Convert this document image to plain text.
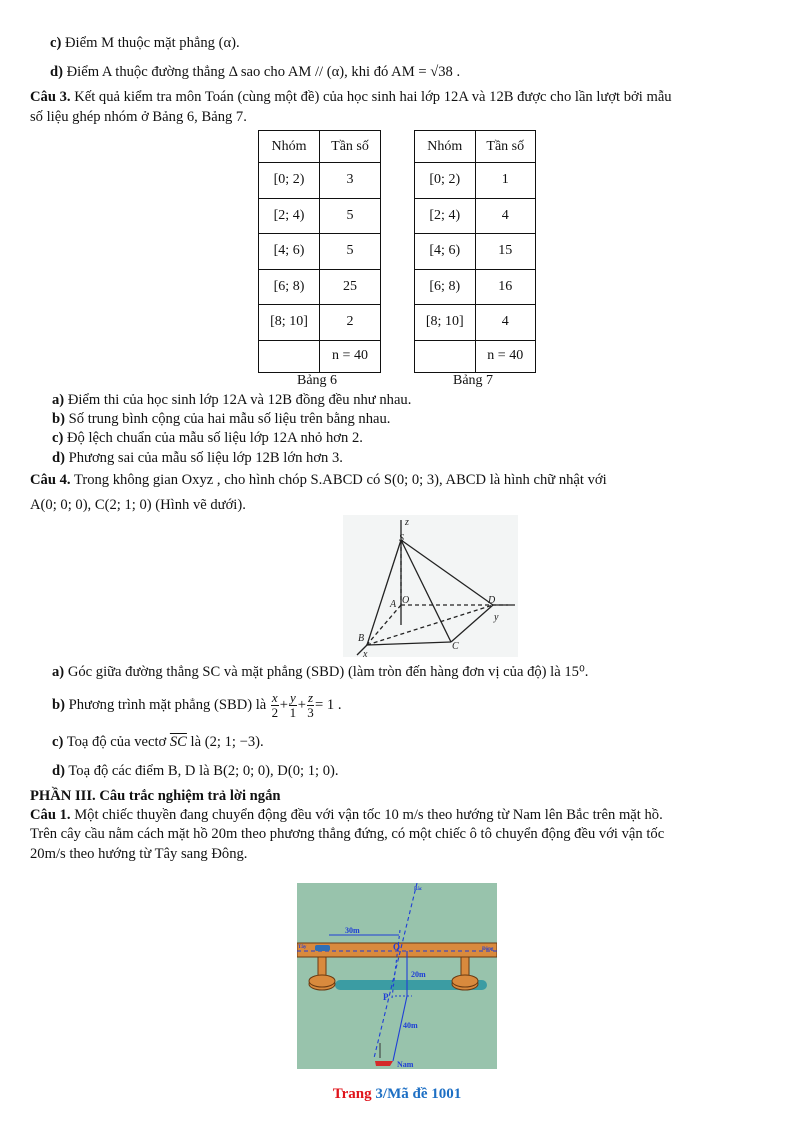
c) Điểm M thuộc mặt phẳng (α).
d) Điểm A thuộc đường thẳng Δ sao cho AM // (α), khi đó AM = √38 .
Câu 3. Kết quả kiểm tra môn Toán (cùng một đề) của học sinh hai lớp 12A và 12B được cho lần lượt bởi mẫu
số liệu ghép nhóm ở Bảng 6, Bảng 7.
Nhóm	Tần số
[0; 2)	3
[2; 4)	5
[4; 6)	5
[6; 8)	25
[8; 10]	2
	n = 40
Nhóm	Tần số
[0; 2)	1
[2; 4)	4
[4; 6)	15
[6; 8)	16
[8; 10]	4
	n = 40
Bảng 6	Bảng 7
a) Điểm thi của học sinh lớp 12A và 12B đồng đều như nhau.
b) Số trung bình cộng của hai mẫu số liệu trên bằng nhau.
c) Độ lệch chuẩn của mẫu số liệu lớp 12A nhỏ hơn 2.
d) Phương sai của mẫu số liệu lớp 12B lớn hơn 3.
Câu 4. Trong không gian Oxyz , cho hình chóp S.ABCD có S(0; 0; 3), ABCD là hình chữ nhật với
A(0; 0; 0), C(2; 1; 0) (Hình vẽ dưới).
z
S
A O	D
y
B
C
x
a) Góc giữa đường thẳng SC và mặt phẳng (SBD) (làm tròn đến hàng đơn vị của độ) là 15⁰.
b) Phương trình mặt phẳng (SBD) là $\frac{x}{2} + \frac{y}{1} + \frac{z}{3} = 1$ .
c) Toạ độ của vectơ $\overline{SC}$ là (2; 1; −3).
d) Toạ độ các điểm B, D là B(2; 0; 0), D(0; 1; 0).
PHẦN III. Câu trắc nghiệm trả lời ngắn
Câu 1. Một chiếc thuyền đang chuyển động đều với vận tốc 10 m/s theo hướng từ Nam lên Bắc trên mặt hồ.
Trên cây cầu nằm cách mặt hồ 20m theo phương thẳng đứng, có một chiếc ô tô chuyển động đều với vận tốc
20m/s theo hướng từ Tây sang Đông.
Bắc
Tây	Đông
Nam
30m
20m
40m
Q
P
Trang 3/Mã đề 1001
